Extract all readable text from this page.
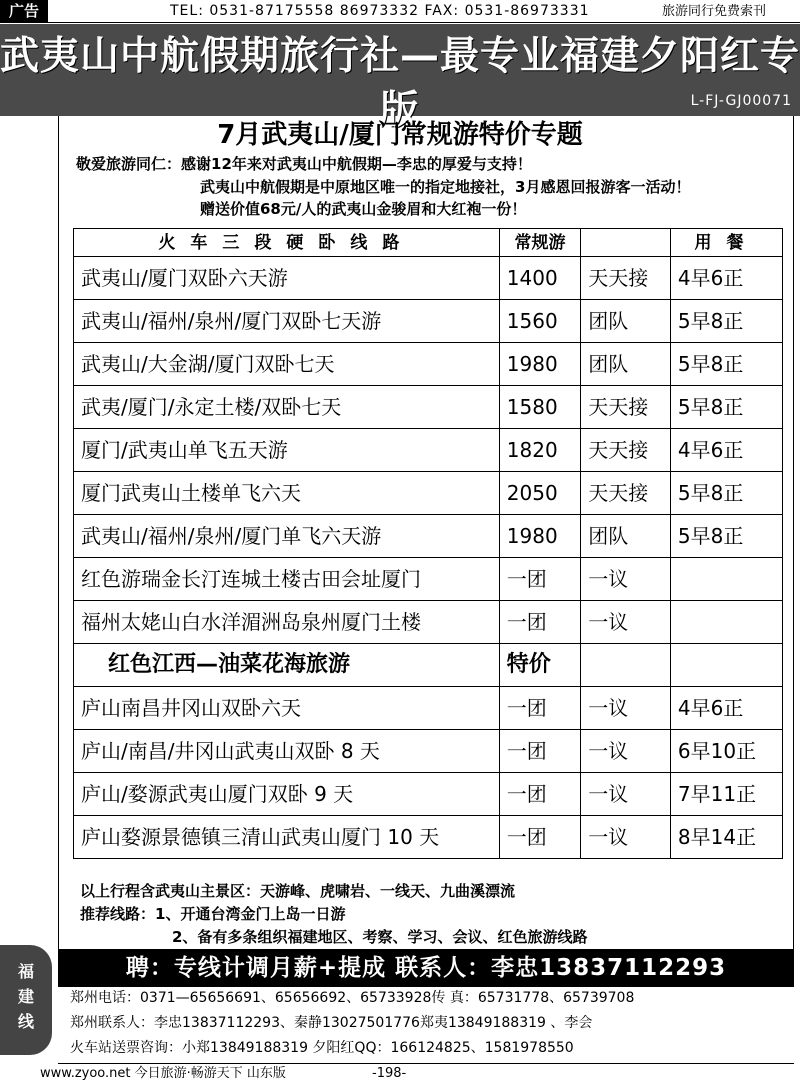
广告	TEL: 0531-87175558 86973332 FAX: 0531-86973331	旅游同行免费索刊
武夷山中航假期旅行社—最专业福建夕阳红专版	L-FJ-GJ00071
7月武夷山/厦门常规游特价专题
敬爱旅游同仁：感谢12年来对武夷山中航假期—李忠的厚爱与支持！
武夷山中航假期是中原地区唯一的指定地接社，3月感恩回报游客一活动！
赠送价值68元/人的武夷山金骏眉和大红袍一份！
火车三段硬卧线路	常规游		用餐
武夷山/厦门双卧六天游	1400	天天接	4早6正
武夷山/福州/泉州/厦门双卧七天游	1560	团队	5早8正
武夷山/大金湖/厦门双卧七天	1980	团队	5早8正
武夷/厦门/永定土楼/双卧七天	1580	天天接	5早8正
厦门/武夷山单飞五天游	1820	天天接	4早6正
厦门武夷山土楼单飞六天	2050	天天接	5早8正
武夷山/福州/泉州/厦门单飞六天游	1980	团队	5早8正
红色游瑞金长汀连城土楼古田会址厦门	一团	一议	
福州太姥山白水洋湄洲岛泉州厦门土楼	一团	一议	
红色江西—油菜花海旅游	特价		
庐山南昌井冈山双卧六天	一团	一议	4早6正
庐山/南昌/井冈山武夷山双卧 8 天	一团	一议	6早10正
庐山/婺源武夷山厦门双卧 9 天	一团	一议	7早11正
庐山婺源景德镇三清山武夷山厦门 10 天	一团	一议	8早14正
以上行程含武夷山主景区：天游峰、虎啸岩、一线天、九曲溪漂流
推荐线路：1、开通台湾金门上岛一日游
2、备有多条组织福建地区、考察、学习、会议、红色旅游线路
聘：专线计调月薪+提成 联系人：李忠13837112293
郑州电话：0371—65656691、65656692、65733928传 真：65731778、65739708
郑州联系人：李忠13837112293、秦静13027501776郑夷13849188319 、李会
火车站送票咨询：小郑13849188319 夕阳红QQ：166124825、1581978550
www.zyoo.net 今日旅游·畅游天下 山东版	-198-
福
建
线
